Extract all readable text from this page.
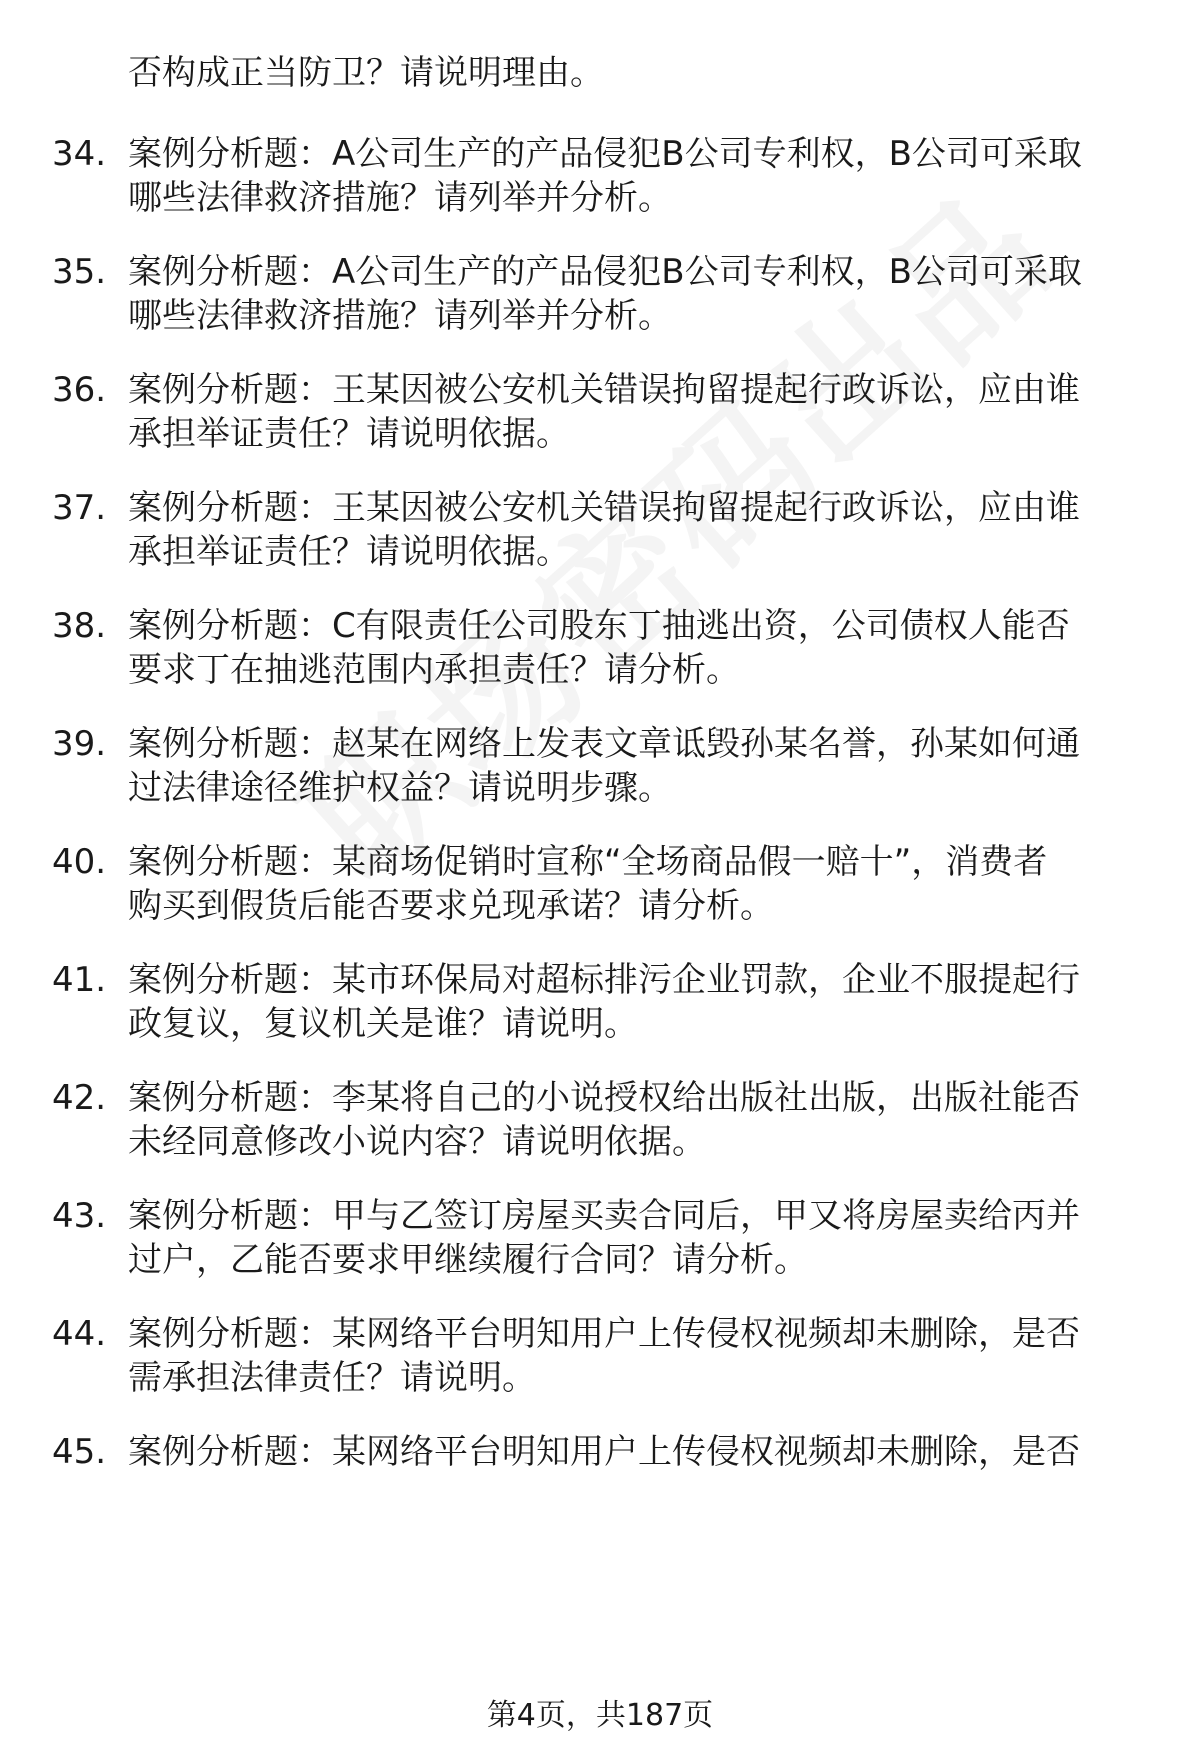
否构成正当防卫？请说明理由。
34. 案例分析题：A公司生产的产品侵犯B公司专利权，B公司可采取
哪些法律救济措施？请列举并分析。
35. 案例分析题：A公司生产的产品侵犯B公司专利权，B公司可采取
哪些法律救济措施？请列举并分析。
36. 案例分析题：王某因被公安机关错误拘留提起行政诉讼，应由谁
承担举证责任？请说明依据。
37. 案例分析题：王某因被公安机关错误拘留提起行政诉讼，应由谁
承担举证责任？请说明依据。
38. 案例分析题：C有限责任公司股东丁抽逃出资，公司债权人能否
要求丁在抽逃范围内承担责任？请分析。
39. 案例分析题：赵某在网络上发表文章诋毁孙某名誉，孙某如何通
过法律途径维护权益？请说明步骤。
40. 案例分析题：某商场促销时宣称“全场商品假一赔十”，消费者
购买到假货后能否要求兑现承诺？请分析。
41. 案例分析题：某市环保局对超标排污企业罚款，企业不服提起行
政复议，复议机关是谁？请说明。
42. 案例分析题：李某将自己的小说授权给出版社出版，出版社能否
未经同意修改小说内容？请说明依据。
43. 案例分析题：甲与乙签订房屋买卖合同后，甲又将房屋卖给丙并
过户，乙能否要求甲继续履行合同？请分析。
44. 案例分析题：某网络平台明知用户上传侵权视频却未删除，是否
需承担法律责任？请说明。
45. 案例分析题：某网络平台明知用户上传侵权视频却未删除，是否
第4页，共187页
